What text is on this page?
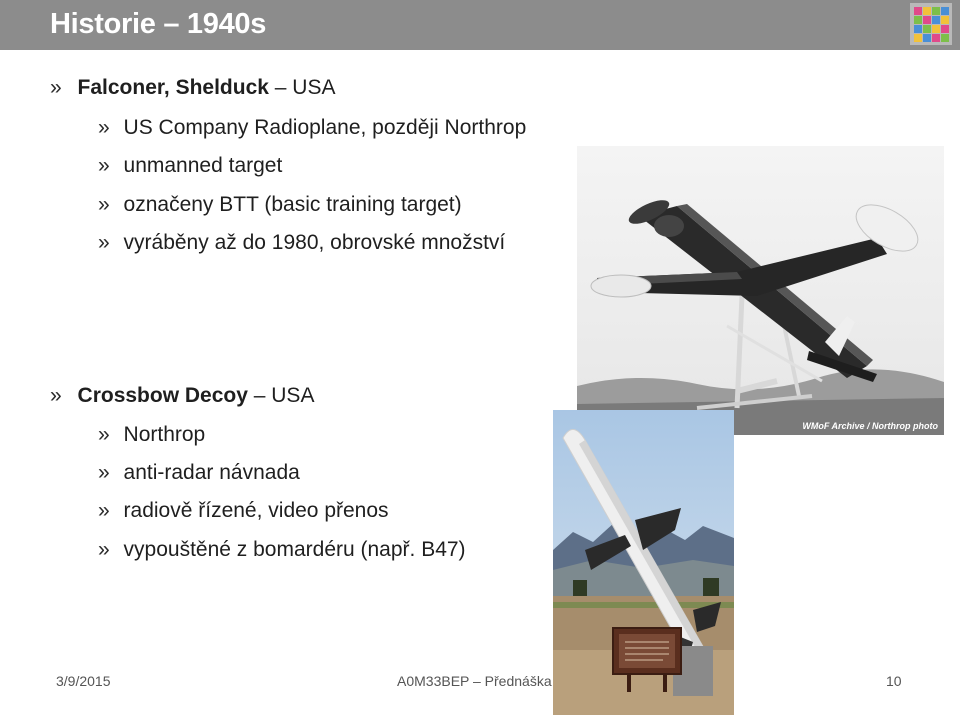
Historie – 1940s
» Falconer, Shelduck – USA
» US Company Radioplane, později Northrop
» unmanned target
» označeny BTT (basic training target)
» vyráběny až do 1980, obrovské množství
» Crossbow Decoy – USA
» Northrop
» anti-radar návnada
» radiově řízené, video přenos
» vypouštěné z bomardéru (např. B47)
WMoF Archive / Northrop photo
3/9/2015	A0M33BEP – Přednáška	10
